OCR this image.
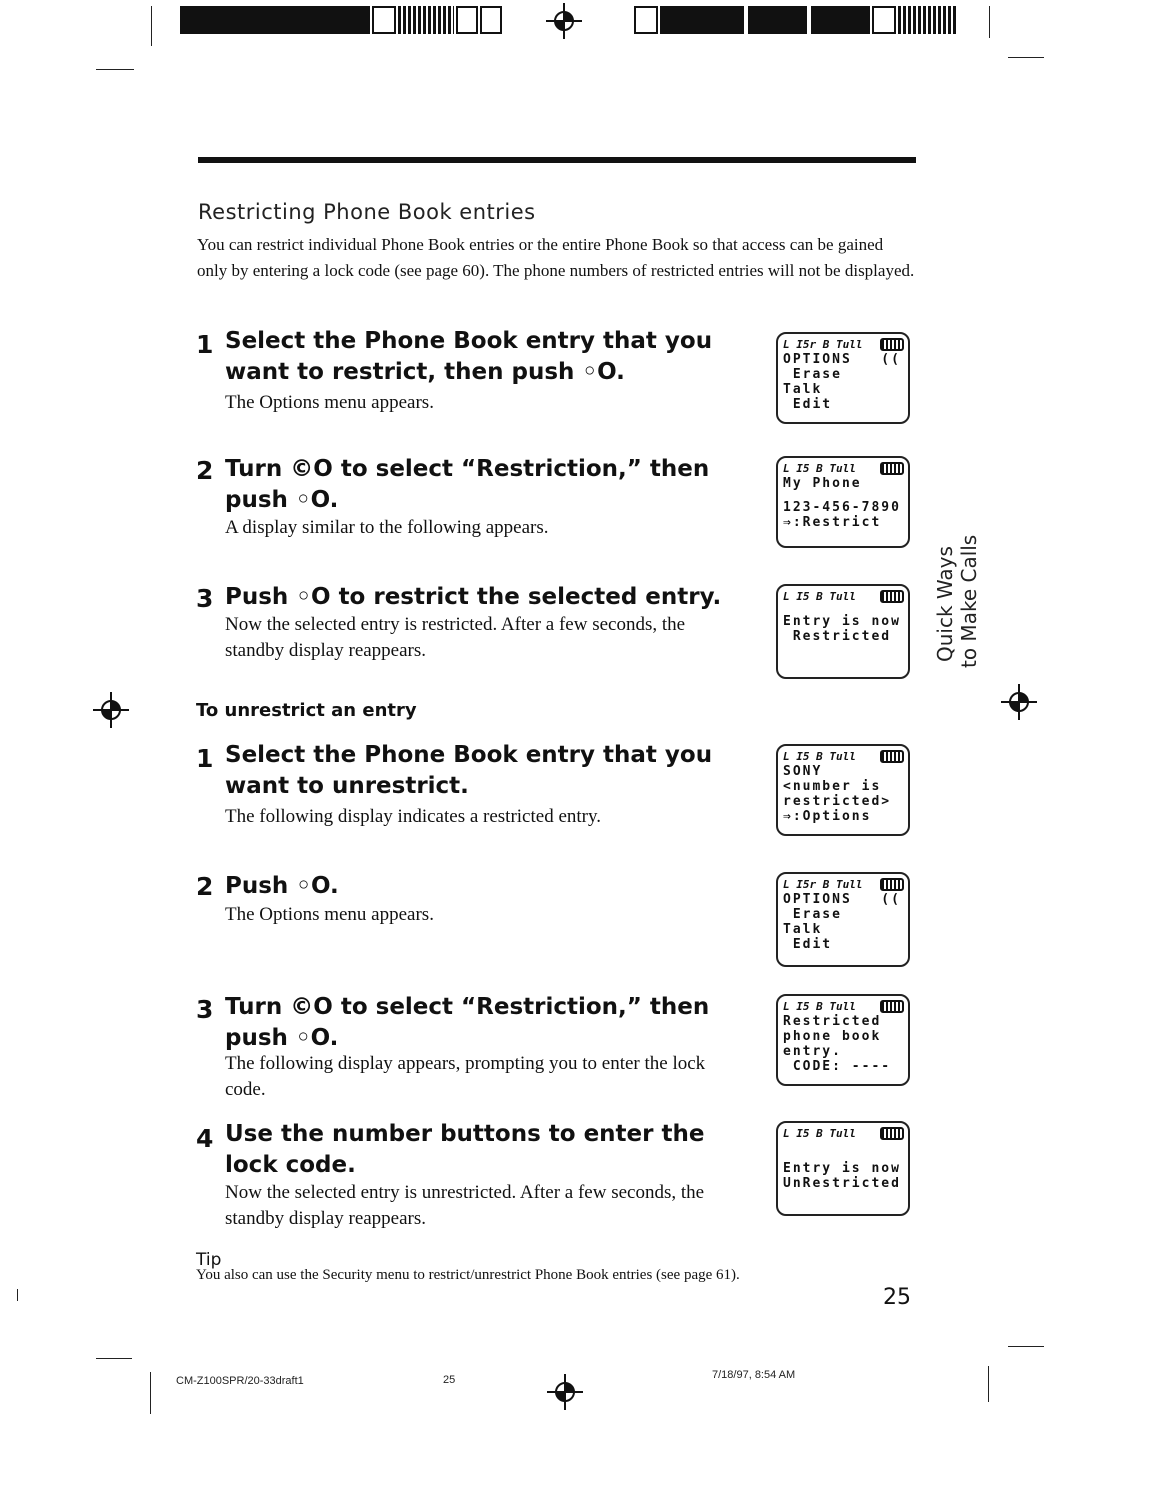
Restricting Phone Book entries
You can restrict individual Phone Book entries or the entire Phone Book so that access can be gained only by entering a lock code (see page 60). The phone numbers of restricted entries will not be displayed.
1 Select the Phone Book entry that you want to restrict, then push ◦O.
The Options menu appears.
2 Turn ©O to select “Restriction,” then push ◦O.
A display similar to the following appears.
3 Push ◦O to restrict the selected entry.
Now the selected entry is restricted. After a few seconds, the standby display reappears.
To unrestrict an entry
1 Select the Phone Book entry that you want to unrestrict.
The following display indicates a restricted entry.
2 Push ◦O.
The Options menu appears.
3 Turn ©O to select “Restriction,” then push ◦O.
The following display appears, prompting you to enter the lock code.
4 Use the number buttons to enter the lock code.
Now the selected entry is unrestricted. After a few seconds, the standby display reappears.
L I5r B Tull
OPTIONS   ((
Erase
Talk
Edit
L I5 B Tull
My Phone
123-456-7890
⇒:Restrict
L I5 B Tull
Entry is now
Restricted
L I5 B Tull
SONY
<number is
restricted>
⇒:Options
L I5r B Tull
OPTIONS   ((
Erase
Talk
Edit
L I5 B Tull
Restricted
phone book
entry.
CODE: ----
L I5 B Tull
Entry is now
UnRestricted
Quick Ways to Make Calls
Tip
You also can use the Security menu to restrict/unrestrict Phone Book entries (see page 61).
25
CM-Z100SPR/20-33draft1	25	7/18/97, 8:54 AM
